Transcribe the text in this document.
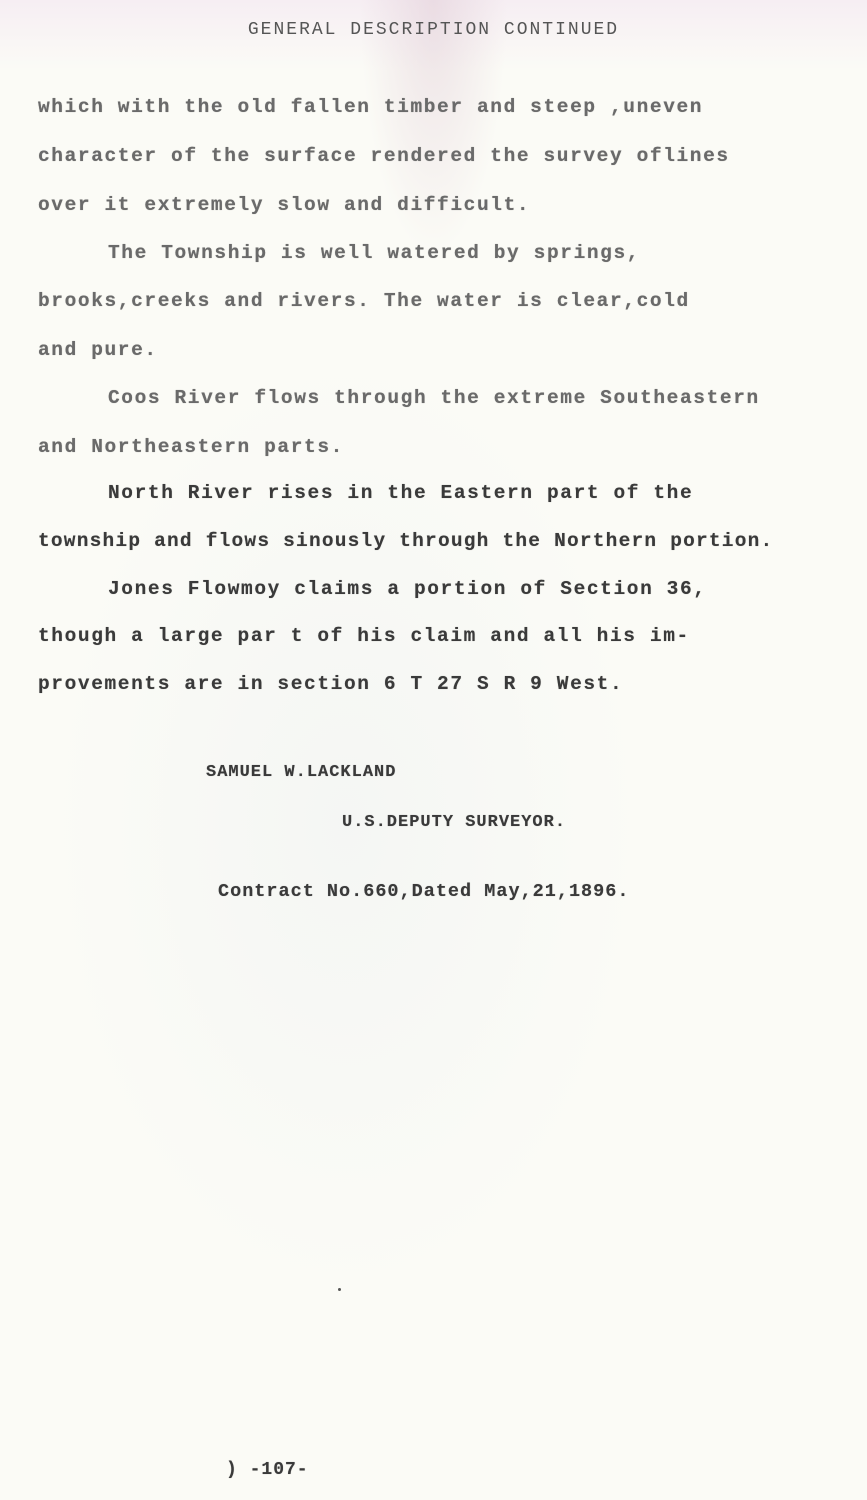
GENERAL DESCRIPTION CONTINUED
which with the old fallen timber and steep ,uneven
character of the surface rendered the survey oflines
over it extremely slow and difficult.
The Township is well watered by springs,
brooks,creeks and rivers. The water is clear,cold
and pure.
Coos River flows through the extreme Southeastern
and Northeastern parts.
North River rises in the Eastern part of the
township and flows sinously through the Northern portion.
Jones Flowmoy claims a portion of Section 36,
though a large par t of his claim and all his im-
provements are in section 6 T 27 S R 9 West.
SAMUEL W.LACKLAND
U.S.DEPUTY SURVEYOR.
Contract No.660,Dated May,21,1896.
) -107-
